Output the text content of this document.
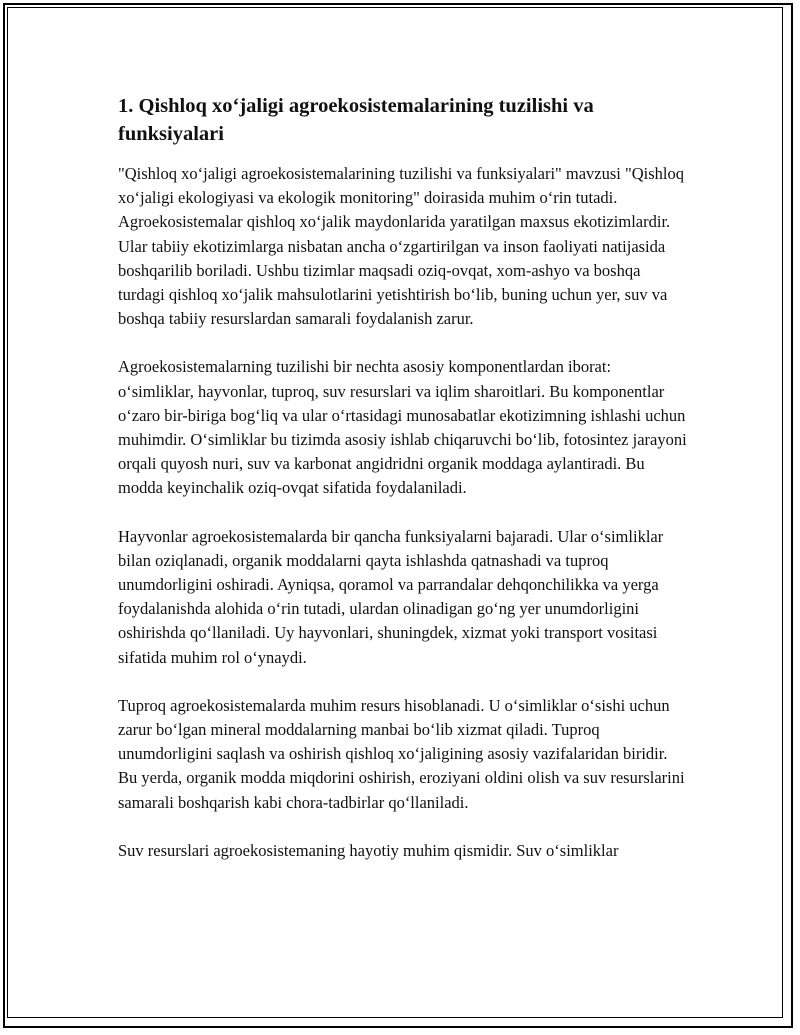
1. Qishloq xo‘jaligi agroekosistemalarining tuzilishi va funksiyalari

"Qishloq xo‘jaligi agroekosistemalarining tuzilishi va funksiyalari" mavzusi "Qishloq xo‘jaligi ekologiyasi va ekologik monitoring" doirasida muhim o‘rin tutadi. Agroekosistemalar qishloq xo‘jalik maydonlarida yaratilgan maxsus ekotizimlardir. Ular tabiiy ekotizimlarga nisbatan ancha o‘zgartirilgan va inson faoliyati natijasida boshqarilib boriladi. Ushbu tizimlar maqsadi oziq-ovqat, xom-ashyo va boshqa turdagi qishloq xo‘jalik mahsulotlarini yetishtirish bo‘lib, buning uchun yer, suv va boshqa tabiiy resurslardan samarali foydalanish zarur.

Agroekosistemalarning tuzilishi bir nechta asosiy komponentlardan iborat: o‘simliklar, hayvonlar, tuproq, suv resurslari va iqlim sharoitlari. Bu komponentlar o‘zaro bir-biriga bog‘liq va ular o‘rtasidagi munosabatlar ekotizimning ishlashi uchun muhimdir. O‘simliklar bu tizimda asosiy ishlab chiqaruvchi bo‘lib, fotosintez jarayoni orqali quyosh nuri, suv va karbonat angidridni organik moddaga aylantiradi. Bu modda keyinchalik oziq-ovqat sifatida foydalaniladi.

Hayvonlar agroekosistemalarda bir qancha funksiyalarni bajaradi. Ular o‘simliklar bilan oziqlanadi, organik moddalarni qayta ishlashda qatnashadi va tuproq unumdorligini oshiradi. Ayniqsa, qoramol va parrandalar dehqonchilikka va yerga foydalanishda alohida o‘rin tutadi, ulardan olinadigan go‘ng yer unumdorligini oshirishda qo‘llaniladi. Uy hayvonlari, shuningdek, xizmat yoki transport vositasi sifatida muhim rol o‘ynaydi.

Tuproq agroekosistemalarda muhim resurs hisoblanadi. U o‘simliklar o‘sishi uchun zarur bo‘lgan mineral moddalarning manbai bo‘lib xizmat qiladi. Tuproq unumdorligini saqlash va oshirish qishloq xo‘jaligining asosiy vazifalaridan biridir. Bu yerda, organik modda miqdorini oshirish, eroziyani oldini olish va suv resurslarini samarali boshqarish kabi chora-tadbirlar qo‘llaniladi.

Suv resurslari agroekosistemaning hayotiy muhim qismidir. Suv o‘simliklar
